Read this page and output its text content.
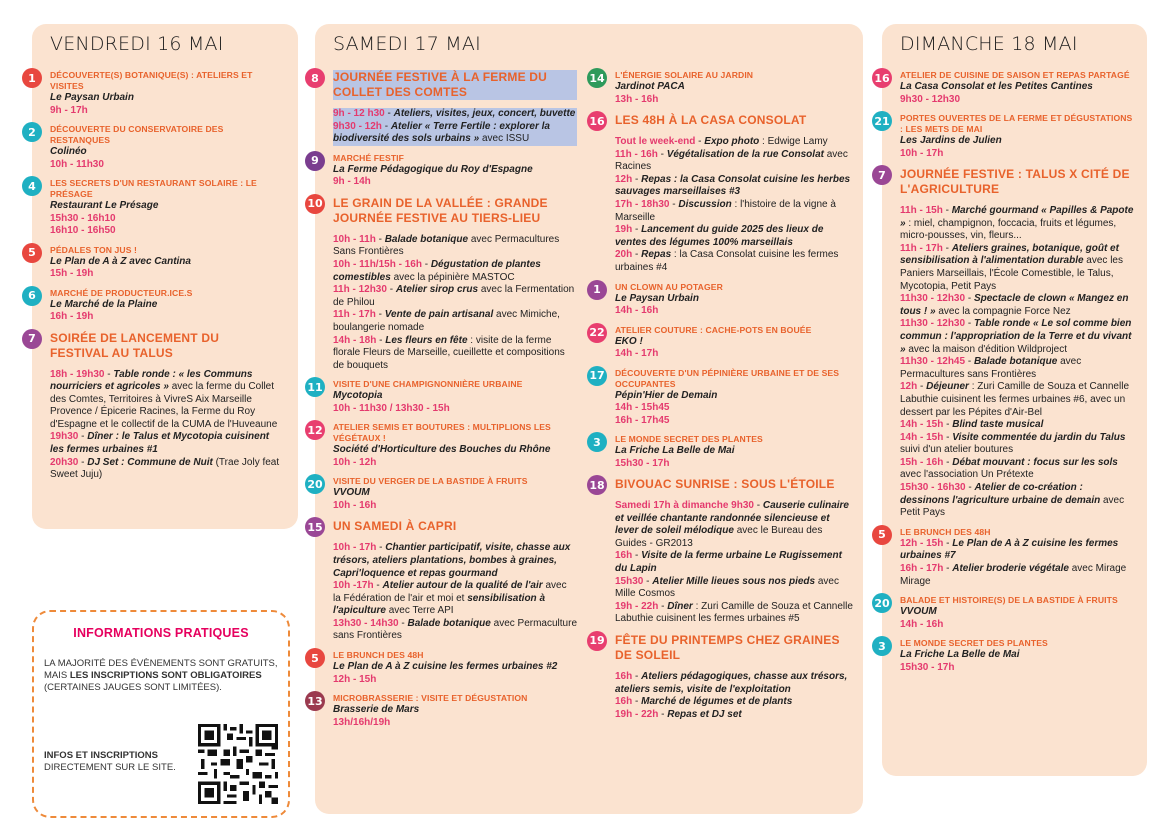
VENDREDI 16 MAI
1	DÉCOUVERTE(S) BOTANIQUE(S) : ATELIERS ET VISITES
Le Paysan Urbain
9h - 17h
2	DÉCOUVERTE DU CONSERVATOIRE DES RESTANQUES
Colinéo
10h - 11h30
4	LES SECRETS D'UN RESTAURANT SOLAIRE : LE PRÉSAGE
Restaurant Le Présage
15h30 - 16h10
16h10 - 16h50
5	PÉDALES TON JUS !
Le Plan de A à Z avec Cantina
15h - 19h
6	MARCHÉ DE PRODUCTEUR.ICE.S
Le Marché de la Plaine
16h - 19h
7	SOIRÉE DE LANCEMENT DU FESTIVAL AU TALUS
18h - 19h30 - Table ronde : « les Communs nourriciers et agricoles » avec la ferme du Collet des Comtes, Territoires à VivreS Aix Marseille Provence / Épicerie Racines, la Ferme du Roy d'Espagne et le collectif de la CUMA de l'Huveaune
19h30 - Dîner : le Talus et Mycotopia cuisinent les fermes urbaines #1
20h30 - DJ Set : Commune de Nuit (Trae Joly feat Sweet Juju)
SAMEDI 17 MAI
8	JOURNÉE FESTIVE À LA FERME DU COLLET DES COMTES
9h - 12 h30 - Ateliers, visites, jeux, concert, buvette
9h30 - 12h - Atelier « Terre Fertile : explorer la biodiversité des sols urbains » avec ISSU
9	MARCHÉ FESTIF
La Ferme Pédagogique du Roy d'Espagne
9h - 14h
10 LE GRAIN DE LA VALLÉE : GRANDE JOURNÉE FESTIVE AU TIERS-LIEU
10h - 11h - Balade botanique avec Permacultures Sans Frontières
10h - 11h/15h - 16h - Dégustation de plantes comestibles avec la pépinière MASTOC
11h - 12h30 - Atelier sirop crus avec la Fermentation de Philou
11h - 17h - Vente de pain artisanal avec Mimiche, boulangerie nomade
14h - 18h - Les fleurs en fête : visite de la ferme florale Fleurs de Marseille, cueillette et compositions de bouquets
11 VISITE D'UNE CHAMPIGNONNIÈRE URBAINE
Mycotopia
10h - 11h30 / 13h30 - 15h
12 ATELIER SEMIS ET BOUTURES : MULTIPLIONS LES VÉGÉTAUX !
Société d'Horticulture des Bouches du Rhône
10h - 12h
20 VISITE DU VERGER DE LA BASTIDE À FRUITS
VVOUM
10h - 16h
15 UN SAMEDI À CAPRI
10h - 17h - Chantier participatif, visite, chasse aux trésors, ateliers plantations, bombes à graines, Capri'loquence et repas gourmand
10h -17h - Atelier autour de la qualité de l'air avec la Fédération de l'air et moi et sensibilisation à l'apiculture avec Terre API
13h30 - 14h30 - Balade botanique avec Permaculture sans Frontières
5	LE BRUNCH DES 48H
Le Plan de A à Z cuisine les fermes urbaines #2
12h - 15h
13 MICROBRASSERIE : VISITE ET DÉGUSTATION
Brasserie de Mars
13h/16h/19h
14 L'ÉNERGIE SOLAIRE AU JARDIN
Jardinot PACA
13h - 16h
16 LES 48H À LA CASA CONSOLAT
Tout le week-end - Expo photo : Edwige Lamy
11h - 16h - Végétalisation de la rue Consolat avec Racines
12h - Repas : la Casa Consolat cuisine les herbes sauvages marseillaises #3
17h - 18h30 - Discussion : l'histoire de la vigne à Marseille
19h - Lancement du guide 2025 des lieux de ventes des légumes 100% marseillais
20h - Repas : la Casa Consolat cuisine les fermes urbaines #4
1	UN CLOWN AU POTAGER
Le Paysan Urbain
14h - 16h
22 ATELIER COUTURE : CACHE-POTS EN BOUÉE
EKO !
14h - 17h
17 DÉCOUVERTE D'UN PÉPINIÈRE URBAINE ET DE SES OCCUPANTES
Pépin'Hier de Demain
14h - 15h45
16h - 17h45
3	LE MONDE SECRET DES PLANTES
La Friche La Belle de Mai
15h30 - 17h
18 BIVOUAC SUNRISE : SOUS L'ÉTOILE
Samedi 17h à dimanche 9h30 - Causerie culinaire et veillée chantante randonnée silencieuse et lever de soleil mélodique avec le Bureau des Guides - GR2013
16h - Visite de la ferme urbaine Le Rugissement du Lapin
15h30 - Atelier Mille lieues sous nos pieds avec Mille Cosmos
19h - 22h - Dîner : Zuri Camille de Souza et Cannelle Labuthie cuisinent les fermes urbaines #5
19 FÊTE DU PRINTEMPS CHEZ GRAINES DE SOLEIL
16h - Ateliers pédagogiques, chasse aux trésors, ateliers semis, visite de l'exploitation
16h - Marché de légumes et de plants
19h - 22h - Repas et DJ set
DIMANCHE 18 MAI
16 ATELIER DE CUISINE DE SAISON ET REPAS PARTAGÉ
La Casa Consolat et les Petites Cantines
9h30 - 12h30
21 PORTES OUVERTES DE LA FERME ET DÉGUSTATIONS : LES METS DE MAI
Les Jardins de Julien
10h - 17h
7	JOURNÉE FESTIVE : TALUS X CITÉ DE L'AGRICULTURE
11h - 15h - Marché gourmand « Papilles & Papote » : miel, champignon, foccacia, fruits et légumes, micro-pousses, vin, fleurs...
11h - 17h - Ateliers graines, botanique, goût et sensibilisation à l'alimentation durable avec les Paniers Marseillais, l'École Comestible, le Talus, Mycotopia, Petit Pays
11h30 - 12h30 - Spectacle de clown « Mangez en tous ! » avec la compagnie Force Nez
11h30 - 12h30 - Table ronde « Le sol comme bien commun : l'appropriation de la Terre et du vivant » avec la maison d'édition Wildproject
11h30 - 12h45 - Balade botanique avec Permacultures sans Frontières
12h - Déjeuner : Zuri Camille de Souza et Cannelle Labuthie cuisinent les fermes urbaines #6, avec un dessert par les Pépites d'Air-Bel
14h - 15h - Blind taste musical
14h - 15h - Visite commentée du jardin du Talus suivi d'un atelier boutures
15h - 16h - Débat mouvant : focus sur les sols avec l'association Un Prétexte
15h30 - 16h30 - Atelier de co-création : dessinons l'agriculture urbaine de demain avec Petit Pays
5	LE BRUNCH DES 48H
12h - 15h - Le Plan de A à Z cuisine les fermes urbaines #7
16h - 17h - Atelier broderie végétale avec Mirage Mirage
20 BALADE ET HISTOIRE(S) DE LA BASTIDE À FRUITS
VVOUM
14h - 16h
3	LE MONDE SECRET DES PLANTES
La Friche La Belle de Mai
15h30 - 17h
INFORMATIONS PRATIQUES
LA MAJORITÉ DES ÉVÈNEMENTS SONT GRATUITS, MAIS LES INSCRIPTIONS SONT OBLIGATOIRES (CERTAINES JAUGES SONT LIMITÉES).
INFOS ET INSCRIPTIONS
DIRECTEMENT SUR LE SITE.
